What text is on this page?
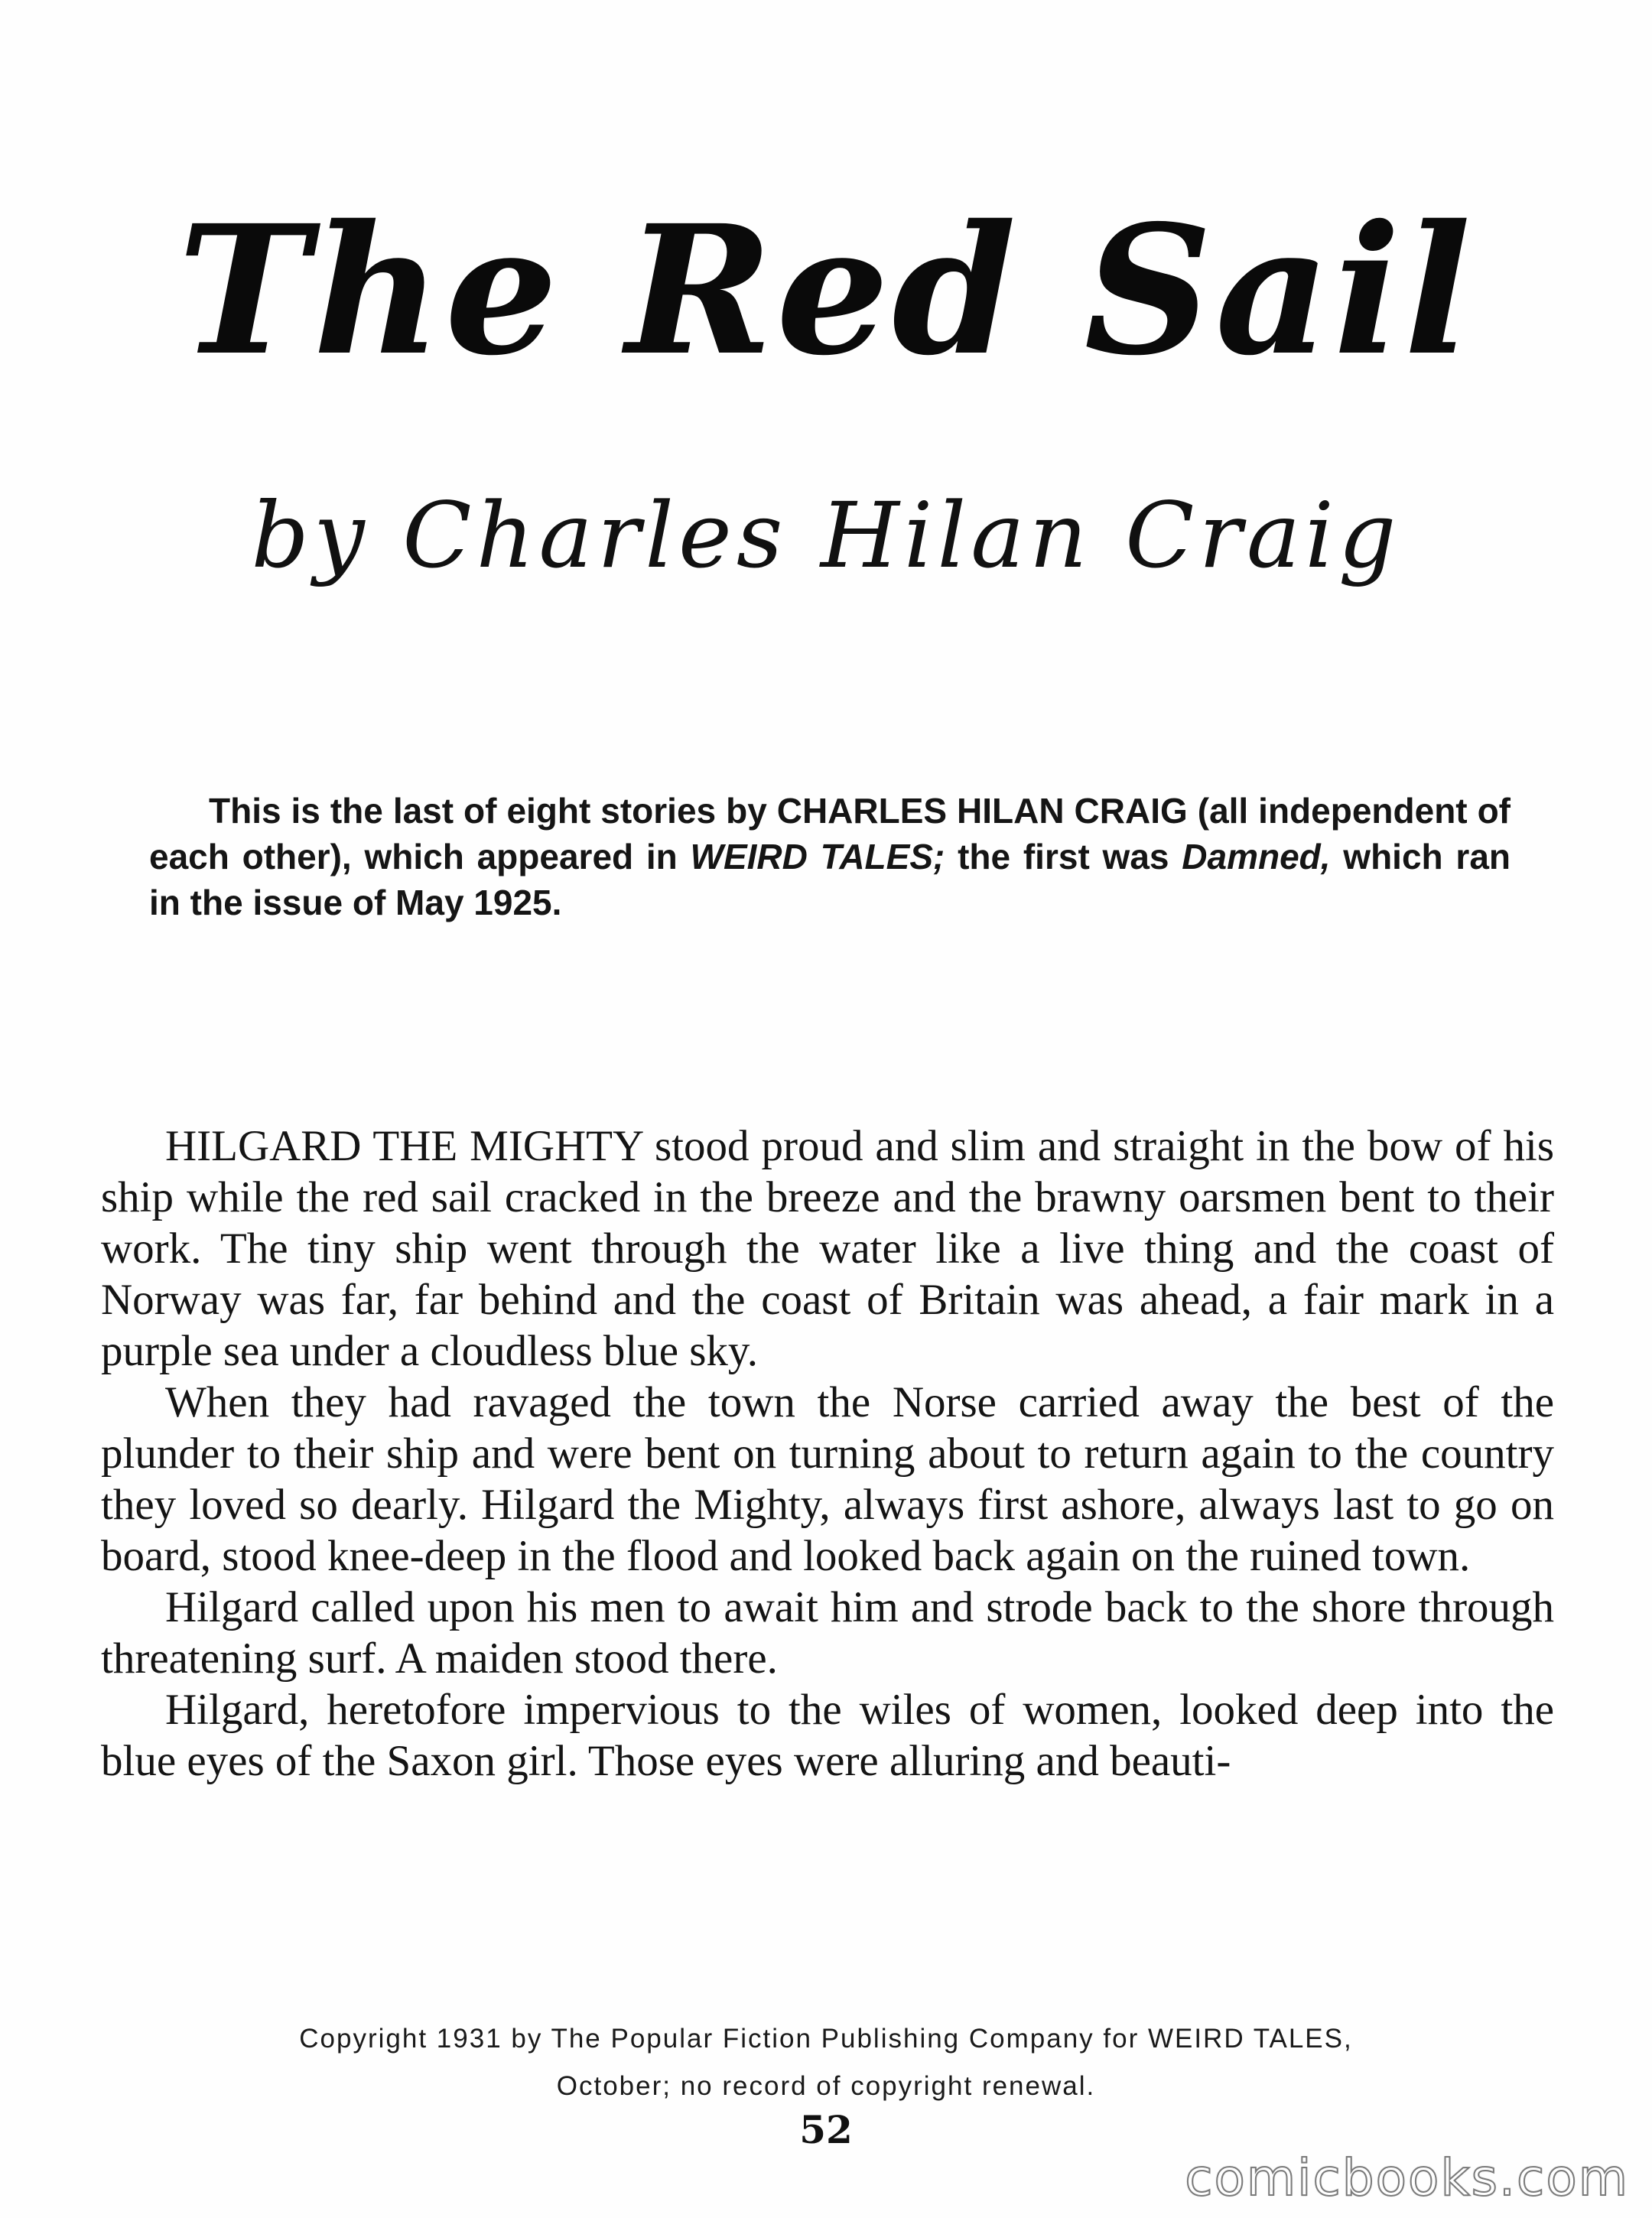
The Red Sail
by Charles Hilan Craig
This is the last of eight stories by CHARLES HILAN CRAIG (all independent of each other), which appeared in WEIRD TALES; the first was Damned, which ran in the issue of May 1925.

HILGARD THE MIGHTY stood proud and slim and straight in the bow of his ship while the red sail cracked in the breeze and the brawny oarsmen bent to their work. The tiny ship went through the water like a live thing and the coast of Norway was far, far behind and the coast of Britain was ahead, a fair mark in a purple sea under a cloudless blue sky.

When they had ravaged the town the Norse carried away the best of the plunder to their ship and were bent on turning about to return again to the country they loved so dearly. Hilgard the Mighty, always first ashore, always last to go on board, stood knee-deep in the flood and looked back again on the ruined town.

Hilgard called upon his men to await him and strode back to the shore through threatening surf. A maiden stood there.

Hilgard, heretofore impervious to the wiles of women, looked deep into the blue eyes of the Saxon girl. Those eyes were alluring and beauti-

Copyright 1931 by The Popular Fiction Publishing Company for WEIRD TALES,
October; no record of copyright renewal.
52
comicbooks.com
